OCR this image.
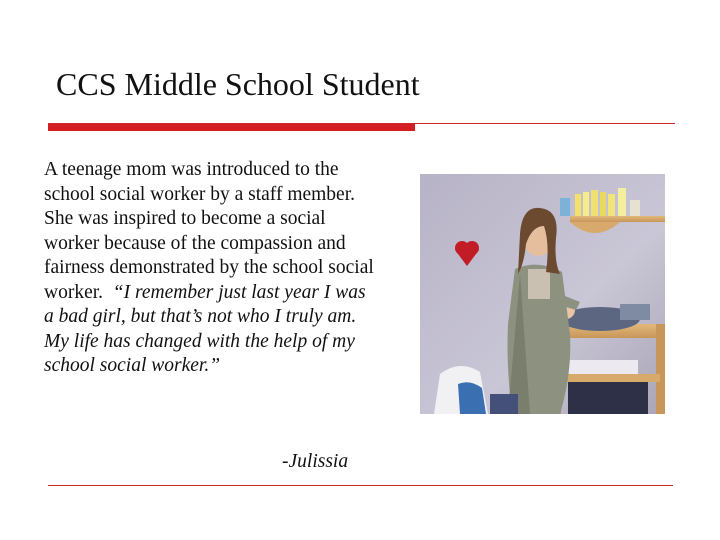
CCS Middle School Student

A teenage mom was introduced to the school social worker by a staff member. She was inspired to become a social worker because of the compassion and fairness demonstrated by the school social worker. “I remember just last year I was a bad girl, but that’s not who I truly am. My life has changed with the help of my school social worker.”

-Julissia
